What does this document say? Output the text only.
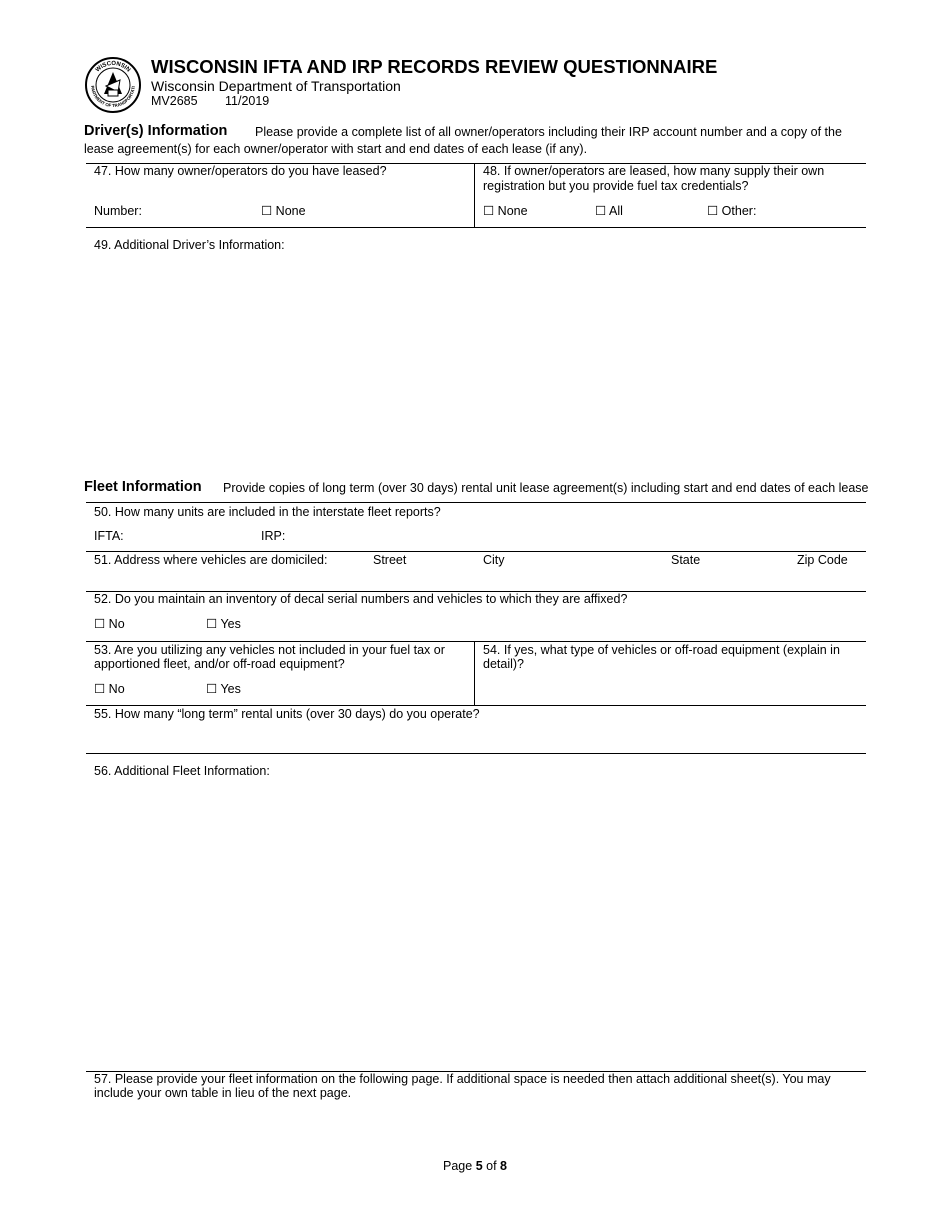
WISCONSIN
PARTMENT OF TRANSPORTATI
WISCONSIN IFTA AND IRP RECORDS REVIEW QUESTIONNAIRE
Wisconsin Department of Transportation
MV2685 11/2019
Driver(s) Information Please provide a complete list of all owner/operators including their IRP account number and a copy of the
lease agreement(s) for each owner/operator with start and end dates of each lease (if any).
47. How many owner/operators do you have leased?
Number:	☐ None
48. If owner/operators are leased, how many supply their own
registration but you provide fuel tax credentials?
☐ None	☐ All	☐ Other:
49. Additional Driver’s Information:
Fleet Information Provide copies of long term (over 30 days) rental unit lease agreement(s) including start and end dates of each lease
50. How many units are included in the interstate fleet reports?
IFTA:	IRP:
51. Address where vehicles are domiciled:	Street	City	State	Zip Code
52. Do you maintain an inventory of decal serial numbers and vehicles to which they are affixed?
☐ No	☐ Yes
53. Are you utilizing any vehicles not included in your fuel tax or
apportioned fleet, and/or off-road equipment?
☐ No	☐ Yes
54. If yes, what type of vehicles or off-road equipment (explain in
detail)?
55. How many “long term” rental units (over 30 days) do you operate?
56. Additional Fleet Information:
57. Please provide your fleet information on the following page. If additional space is needed then attach additional sheet(s). You may
include your own table in lieu of the next page.
Page 5 of 8
